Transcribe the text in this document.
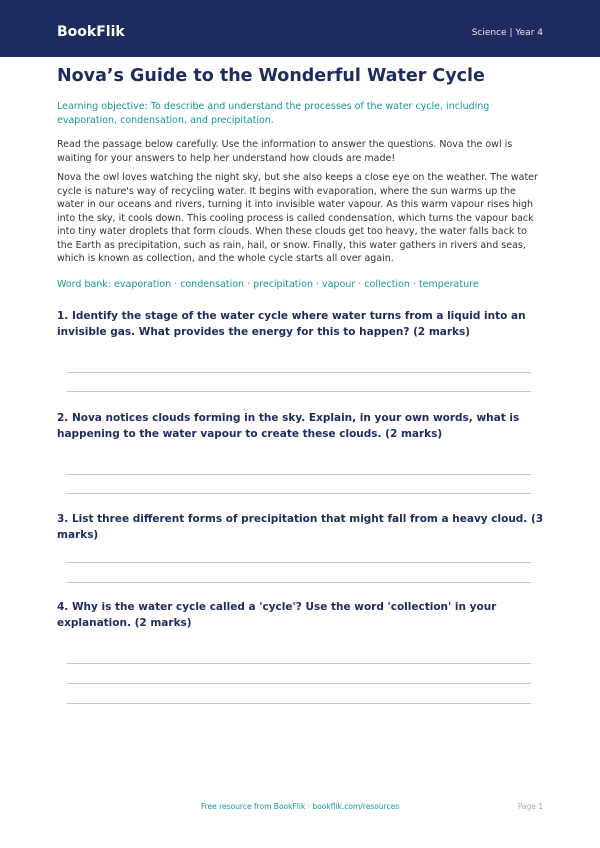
BookFlik	Science | Year 4
Nova’s Guide to the Wonderful Water Cycle
Learning objective: To describe and understand the processes of the water cycle, including evaporation, condensation, and precipitation.
Read the passage below carefully. Use the information to answer the questions. Nova the owl is waiting for your answers to help her understand how clouds are made!
Nova the owl loves watching the night sky, but she also keeps a close eye on the weather. The water cycle is nature's way of recycling water. It begins with evaporation, where the sun warms up the water in our oceans and rivers, turning it into invisible water vapour. As this warm vapour rises high into the sky, it cools down. This cooling process is called condensation, which turns the vapour back into tiny water droplets that form clouds. When these clouds get too heavy, the water falls back to the Earth as precipitation, such as rain, hail, or snow. Finally, this water gathers in rivers and seas, which is known as collection, and the whole cycle starts all over again.
Word bank: evaporation · condensation · precipitation · vapour · collection · temperature
1. Identify the stage of the water cycle where water turns from a liquid into an invisible gas. What provides the energy for this to happen? (2 marks)
2. Nova notices clouds forming in the sky. Explain, in your own words, what is happening to the water vapour to create these clouds. (2 marks)
3. List three different forms of precipitation that might fall from a heavy cloud. (3 marks)
4. Why is the water cycle called a 'cycle'? Use the word 'collection' in your explanation. (2 marks)
Free resource from BookFlik · bookflik.com/resources	Page 1
